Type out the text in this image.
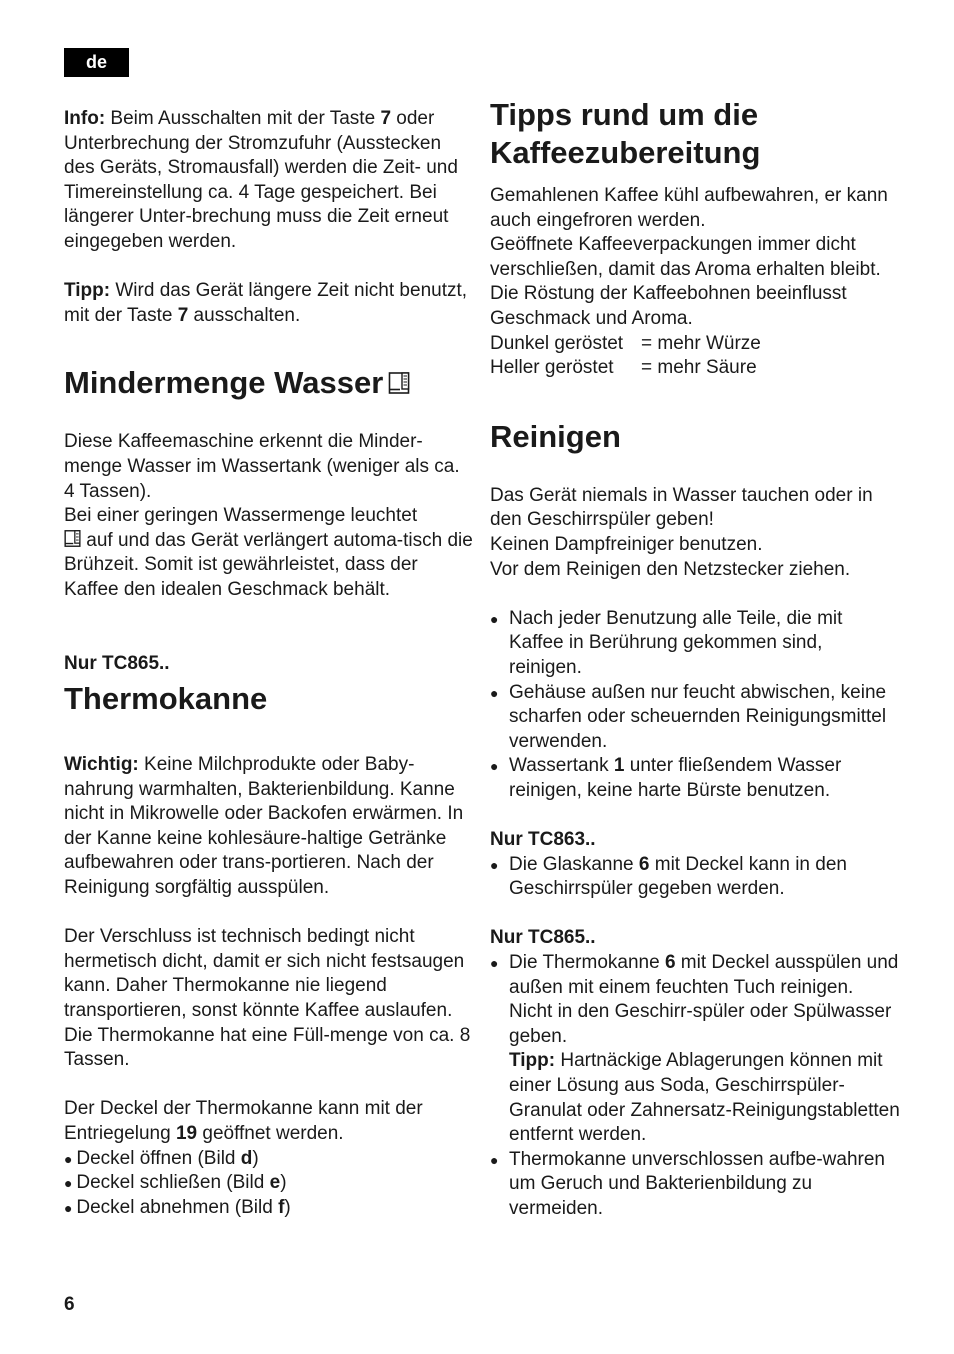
de

Info: Beim Ausschalten mit der Taste 7 oder Unterbrechung der Stromzufuhr (Ausstecken des Geräts, Stromausfall) werden die Zeit- und Timereinstellung ca. 4 Tage gespeichert. Bei längerer Unter-brechung muss die Zeit erneut eingegeben werden.

Tipp: Wird das Gerät längere Zeit nicht benutzt, mit der Taste 7 ausschalten.

Mindermenge Wasser

Diese Kaffeemaschine erkennt die Minder-menge Wasser im Wassertank (weniger als ca. 4 Tassen).

Bei einer geringen Wassermenge leuchtet
auf und das Gerät verlängert automa-tisch die Brühzeit. Somit ist gewährleistet, dass der Kaffee den idealen Geschmack behält.

Nur TC865..

Thermokanne

Wichtig: Keine Milchprodukte oder Baby-nahrung warmhalten, Bakterienbildung. Kanne nicht in Mikrowelle oder Backofen erwärmen. In der Kanne keine kohlesäure-haltige Getränke aufbewahren oder trans-portieren. Nach der Reinigung sorgfältig ausspülen.

Der Verschluss ist technisch bedingt nicht hermetisch dicht, damit er sich nicht festsaugen kann. Daher Thermokanne nie liegend transportieren, sonst könnte Kaffee auslaufen. Die Thermokanne hat eine Füll-menge von ca. 8 Tassen.

Der Deckel der Thermokanne kann mit der Entriegelung 19 geöffnet werden.

● Deckel öffnen (Bild d)
● Deckel schließen (Bild e)
● Deckel abnehmen (Bild f)

Tipps rund um die
Kaffeezubereitung

Gemahlenen Kaffee kühl aufbewahren, er kann auch eingefroren werden.

Geöffnete Kaffeeverpackungen immer dicht verschließen, damit das Aroma erhalten bleibt.

Die Röstung der Kaffeebohnen beeinflusst Geschmack und Aroma.

Dunkel geröstet = mehr Würze

Heller geröstet = mehr Säure

Reinigen

Das Gerät niemals in Wasser tauchen oder in den Geschirrspüler geben!

Keinen Dampfreiniger benutzen.

Vor dem Reinigen den Netzstecker ziehen.

● Nach jeder Benutzung alle Teile, die mit Kaffee in Berührung gekommen sind, reinigen.
● Gehäuse außen nur feucht abwischen, keine scharfen oder scheuernden Reinigungsmittel verwenden.
● Wassertank 1 unter fließendem Wasser reinigen, keine harte Bürste benutzen.

Nur TC863..

● Die Glaskanne 6 mit Deckel kann in den Geschirrspüler gegeben werden.

Nur TC865..

● Die Thermokanne 6 mit Deckel ausspülen und außen mit einem feuchten Tuch reinigen. Nicht in den Geschirr-spüler oder Spülwasser geben.
Tipp: Hartnäckige Ablagerungen können mit einer Lösung aus Soda, Geschirrspüler-Granulat oder Zahnersatz-Reinigungstabletten entfernt werden.
● Thermokanne unverschlossen aufbe-wahren um Geruch und Bakterienbildung zu vermeiden.
6
